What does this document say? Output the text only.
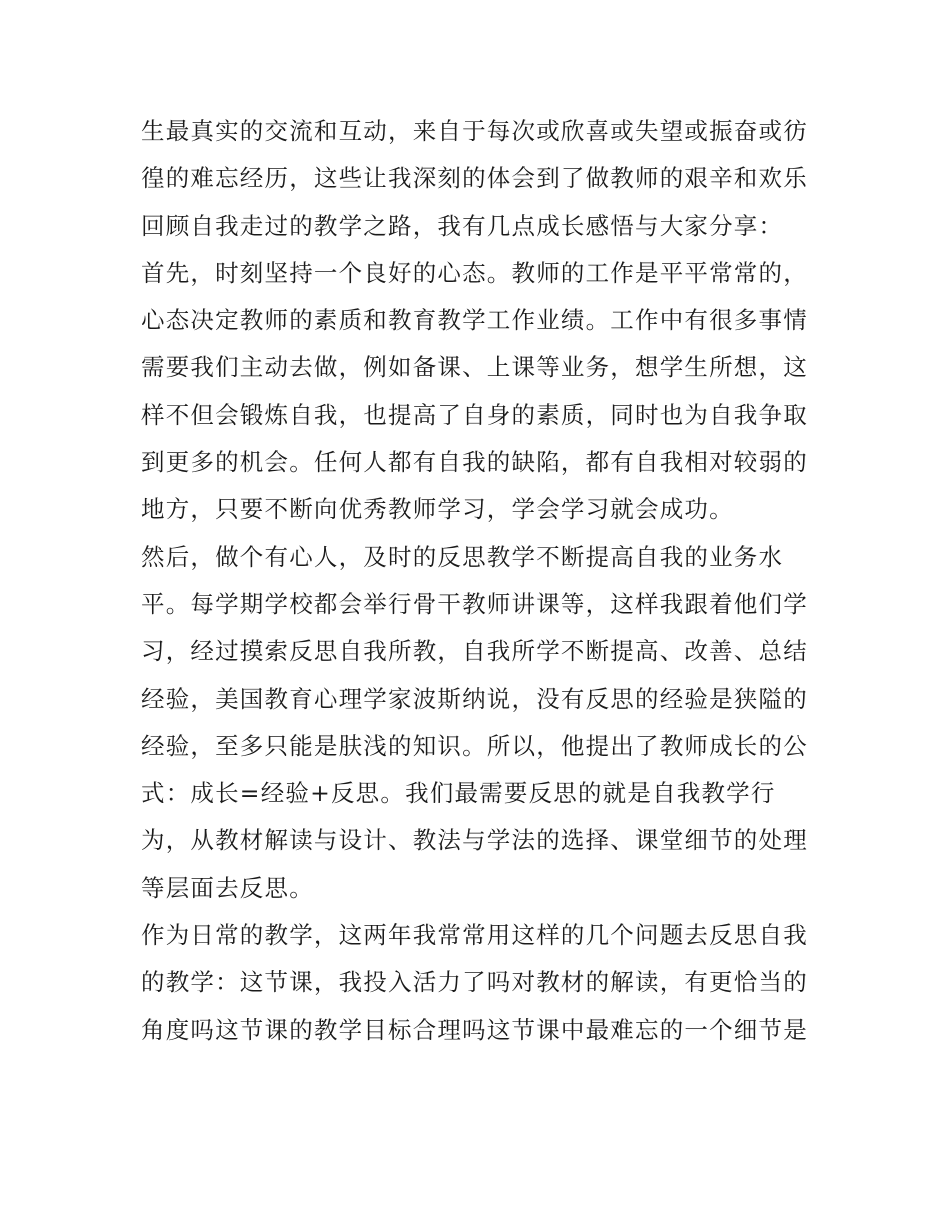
生最真实的交流和互动，来自于每次或欣喜或失望或振奋或彷
徨的难忘经历，这些让我深刻的体会到了做教师的艰辛和欢乐
回顾自我走过的教学之路，我有几点成长感悟与大家分享：
首先，时刻坚持一个良好的心态。教师的工作是平平常常的，
心态决定教师的素质和教育教学工作业绩。工作中有很多事情
需要我们主动去做，例如备课、上课等业务，想学生所想，这
样不但会锻炼自我，也提高了自身的素质，同时也为自我争取
到更多的机会。任何人都有自我的缺陷，都有自我相对较弱的
地方，只要不断向优秀教师学习，学会学习就会成功。
然后，做个有心人，及时的反思教学不断提高自我的业务水
平。每学期学校都会举行骨干教师讲课等，这样我跟着他们学
习，经过摸索反思自我所教，自我所学不断提高、改善、总结
经验，美国教育心理学家波斯纳说，没有反思的经验是狭隘的
经验，至多只能是肤浅的知识。所以，他提出了教师成长的公
式：成长=经验+反思。我们最需要反思的就是自我教学行
为，从教材解读与设计、教法与学法的选择、课堂细节的处理
等层面去反思。
作为日常的教学，这两年我常常用这样的几个问题去反思自我
的教学：这节课，我投入活力了吗对教材的解读，有更恰当的
角度吗这节课的教学目标合理吗这节课中最难忘的一个细节是
